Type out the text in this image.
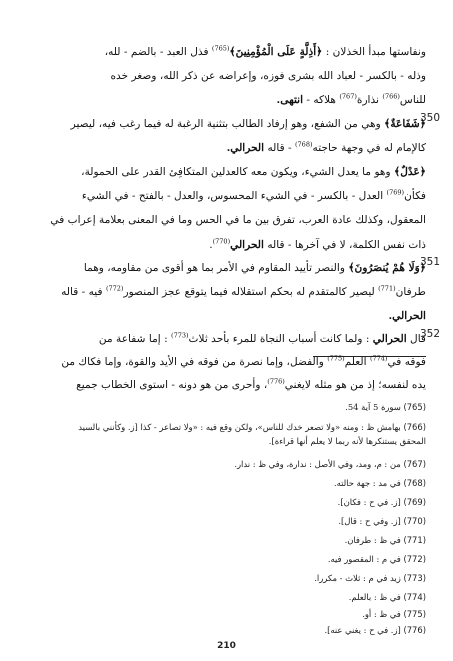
ونفاستها مبدأ الخذلان : ﴿أَذِلَّةٍ عَلَى الْمُؤْمِنِينَ﴾$^{(765)}$ فذل العبد - بالضم - لله،

وذله - بالكسر - لعباد الله بشرى فوزه، وإعراضه عن ذكر الله، وصغر خده

للناس$^{(766)}$ نذارة$^{(767)}$ هلاكه - انتهى.

350

﴿شَفَاعَةٌ﴾ وهي من الشفع، وهو إرفاد الطالب بتثنية الرغبة له فيما رغب فيه، ليصير

كالإمام له في وجهة حاجته$^{(768)}$ - قاله الحرالي.

﴿عَدْلٌ﴾ وهو ما يعدل الشيء، ويكون معه كالعدلين المتكافِئ القدر على الحمولة،

فكأن$^{(769)}$ العدل - بالكسر - في الشيء المحسوس، والعدل - بالفتح - في الشيء

المعقول، وكذلك عادة العرب، تفرق بين ما في الحس وما في المعنى بعلامة إعراب في

ذات نفس الكلمة، لا في آخرها - قاله الحرالي$^{(770)}$.

351

﴿وَلَا هُمْ يُنصَرُونَ﴾ والنصر تأييد المقاوم في الأمر بما هو أقوى من مقاومه، وهما

طرفان$^{(771)}$ ليصير كالمتقدم له بحكم استقلاله فيما يتوقع عجز المنصور$^{(772)}$ فيه - قاله

الحرالي.

352

قال الحرالي : ولما كانت أسباب النجاة للمرء بأحد ثلاث$^{(773)}$ : إما شفاعة من

فوقه في$^{(774)}$ العلم$^{(775)}$ والفضل، وإما نصرة من فوقه في الأيد والقوة، وإما فكاك من

يده لنفسه؛ إذ من هو مثله لايغني$^{(776)}$، وأحرى من هو دونه - استوى الخطاب جميع

(765) سورة 5 آية 54.
(766) بهامش ظ : ومنه «ولا تصعر خدك للناس»، ولكن وقع فيه : «ولا تصاعر - كذا [ز. وكأنني بالسيد
المحقق يستنكرها لأنه ربما لا يعلم أنها قراءة].
(767) من : م، ومد، وفي الأصل : ندارة، وفي ظ : ندار.
(768) في مد : جهة حالته.
(769) [ز. في ح : فكان].
(770) [ز. وفي ح : قال].
(771) في ظ : طرفان.
(772) في م : المقصور فيه.
(773) زيد في م : ثلاث - مكررا.
(774) في ظ : بالعلم.
(775) في ظ : أو.
(776) [ز. في ح : يغني عنه].
210
